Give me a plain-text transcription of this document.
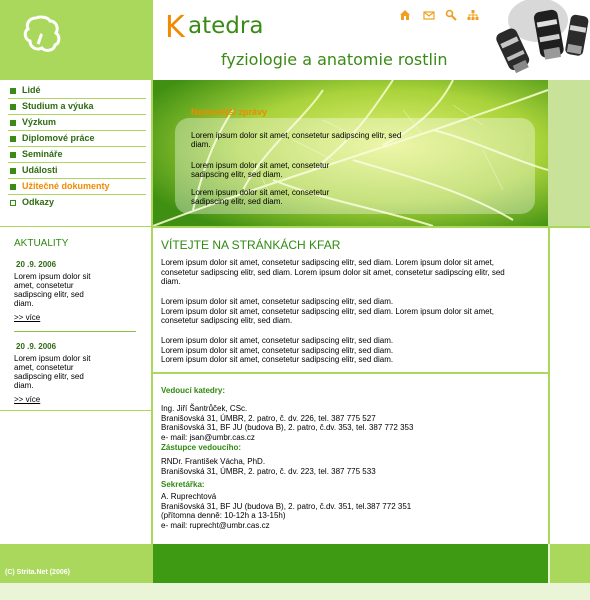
Lidé
Studium a výuka
Výzkum
Diplomové práce
Semináře
Události
Užitečné dokumenty
Odkazy
AKTUALITY
20 .9. 2006
Lorem ipsum dolor sit amet, consetetur sadipscing elitr, sed diam.
>> více
20 .9. 2006
Lorem ipsum dolor sit amet, consetetur sadipscing elitr, sed diam.
>> více
(C) Strita.Net (2006)
K atedra
fyziologie a anatomie rostlin
Nejnovější zprávy
Lorem ipsum dolor sit amet, consetetur sadipscing elitr, sed
diam.
Lorem ipsum dolor sit amet, consetetur
sadipscing elitr, sed diam.
Lorem ipsum dolor sit amet, consetetur
sadipscing elitr, sed diam.
VÍTEJTE NA STRÁNKÁCH KFAR
Lorem ipsum dolor sit amet, consetetur sadipscing elitr, sed diam. Lorem ipsum dolor sit amet,
consetetur sadipscing elitr, sed diam. Lorem ipsum dolor sit amet, consetetur sadipscing elitr, sed
diam.
Lorem ipsum dolor sit amet, consetetur sadipscing elitr, sed diam.
Lorem ipsum dolor sit amet, consetetur sadipscing elitr, sed diam. Lorem ipsum dolor sit amet,
consetetur sadipscing elitr, sed diam.
Lorem ipsum dolor sit amet, consetetur sadipscing elitr, sed diam.
Lorem ipsum dolor sit amet, consetetur sadipscing elitr, sed diam.
Lorem ipsum dolor sit amet, consetetur sadipscing elitr, sed diam.
Vedoucí katedry:
Ing. Jiří Šantrůček, CSc.
Branišovská 31, ÚMBR, 2. patro, č. dv. 226, tel. 387 775 527
Branišovská 31, BF JU (budova B), 2. patro, č.dv. 353, tel. 387 772 353
e- mail: jsan@umbr.cas.cz
Zástupce vedoucího:
RNDr. František Vácha, PhD.
Branišovská 31, ÚMBR, 2. patro, č. dv. 223, tel. 387 775 533
Sekretářka:
A. Ruprechtová
Branišovská 31, BF JU (budova B), 2. patro, č.dv. 351, tel.387 772 351
(přítomna denně: 10-12h a 13-15h)
e- mail: ruprecht@umbr.cas.cz
